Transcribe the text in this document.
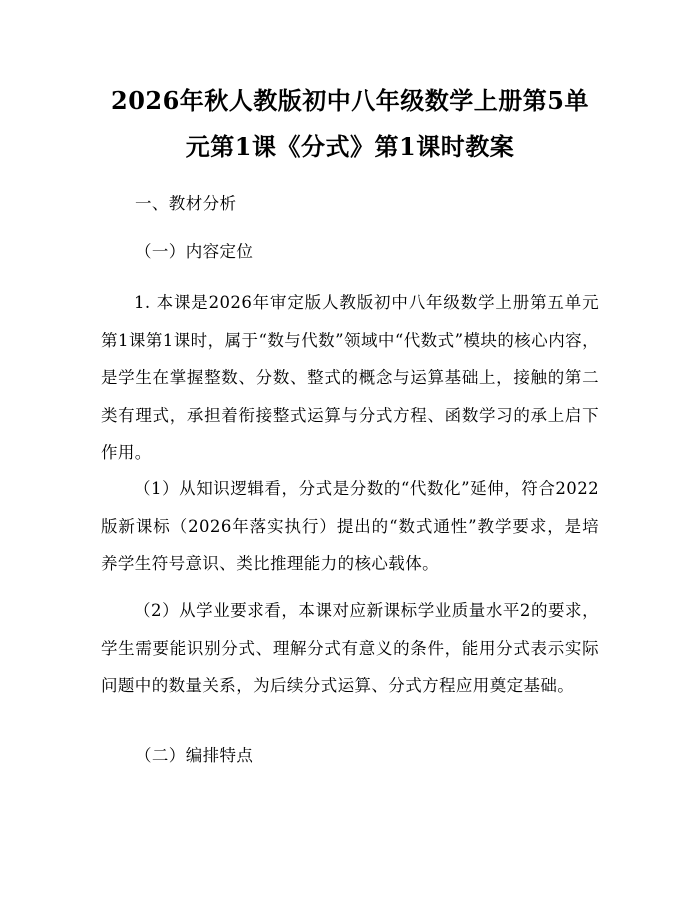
2026年秋人教版初中八年级数学上册第5单
元第1课《分式》第1课时教案
一、教材分析
（一）内容定位

1. 本课是2026年审定版人教版初中八年级数学上册第五单元第1课第1课时，属于“数与代数”领域中“代数式”模块的核心内容，是学生在掌握整数、分数、整式的概念与运算基础上，接触的第二类有理式，承担着衔接整式运算与分式方程、函数学习的承上启下作用。

（1）从知识逻辑看，分式是分数的“代数化”延伸，符合2022版新课标（2026年落实执行）提出的“数式通性”教学要求，是培养学生符号意识、类比推理能力的核心载体。

（2）从学业要求看，本课对应新课标学业质量水平2的要求，学生需要能识别分式、理解分式有意义的条件，能用分式表示实际问题中的数量关系，为后续分式运算、分式方程应用奠定基础。

（二）编排特点
